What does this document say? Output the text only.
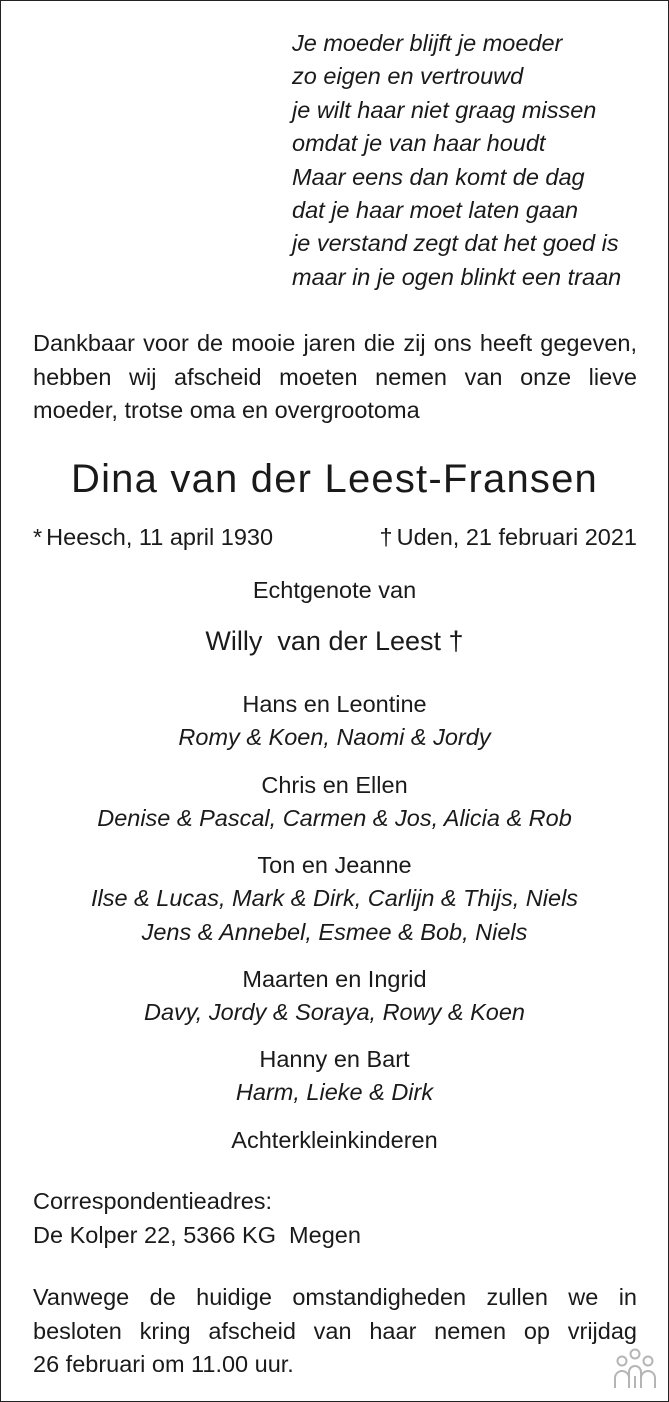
Je moeder blijft je moeder
zo eigen en vertrouwd
je wilt haar niet graag missen
omdat je van haar houdt
Maar eens dan komt de dag
dat je haar moet laten gaan
je verstand zegt dat het goed is
maar in je ogen blinkt een traan
Dankbaar voor de mooie jaren die zij ons heeft gegeven,
hebben wij afscheid moeten nemen van onze lieve
moeder, trotse oma en overgrootoma
Dina van der Leest-Fransen
* Heesch, 11 april 1930	† Uden, 21 februari 2021
Echtgenote van
Willy  van der Leest †
Hans en Leontine
Romy & Koen, Naomi & Jordy
Chris en Ellen
Denise & Pascal, Carmen & Jos, Alicia & Rob
Ton en Jeanne
Ilse & Lucas, Mark & Dirk, Carlijn & Thijs, Niels
Jens & Annebel, Esmee & Bob, Niels
Maarten en Ingrid
Davy, Jordy & Soraya, Rowy & Koen
Hanny en Bart
Harm, Lieke & Dirk
Achterkleinkinderen
Correspondentieadres:
De Kolper 22, 5366 KG  Megen
Vanwege de huidige omstandigheden zullen we in
besloten kring afscheid van haar nemen op vrijdag
26 februari om 11.00 uur.
